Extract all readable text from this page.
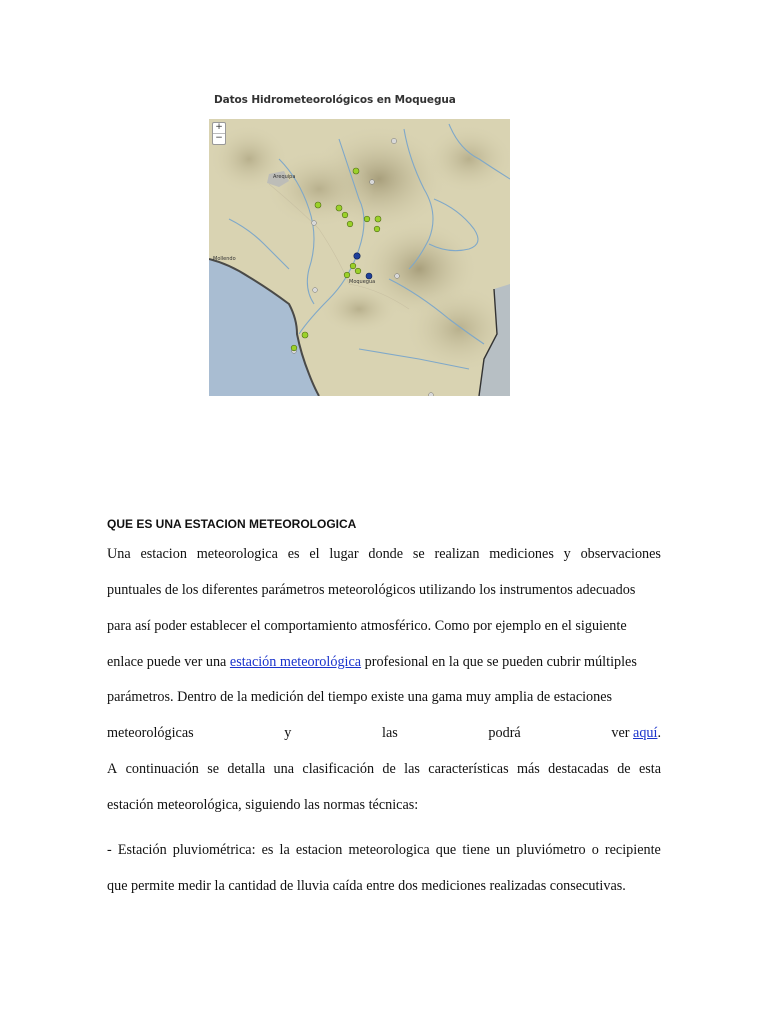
Datos Hidrometeorológicos en Moquegua
+
−
Arequipa
Mollendo
Moquegua
QUE ES UNA ESTACION METEOROLOGICA
Una estacion meteorologica es el lugar donde se realizan mediciones y observaciones
puntuales de los diferentes parámetros meteorológicos utilizando los instrumentos adecuados
para así poder establecer el comportamiento atmosférico. Como por ejemplo en el siguiente
enlace puede ver una estación meteorológica profesional en la que se pueden cubrir múltiples
parámetros. Dentro de la medición del tiempo existe una gama muy amplia de estaciones
meteorológicas	y	las	podrá	ver aquí.
A continuación se detalla una clasificación de las características más destacadas de esta
estación meteorológica, siguiendo las normas técnicas:
- Estación pluviométrica: es la estacion meteorologica que tiene un pluviómetro o recipiente
que permite medir la cantidad de lluvia caída entre dos mediciones realizadas consecutivas.
